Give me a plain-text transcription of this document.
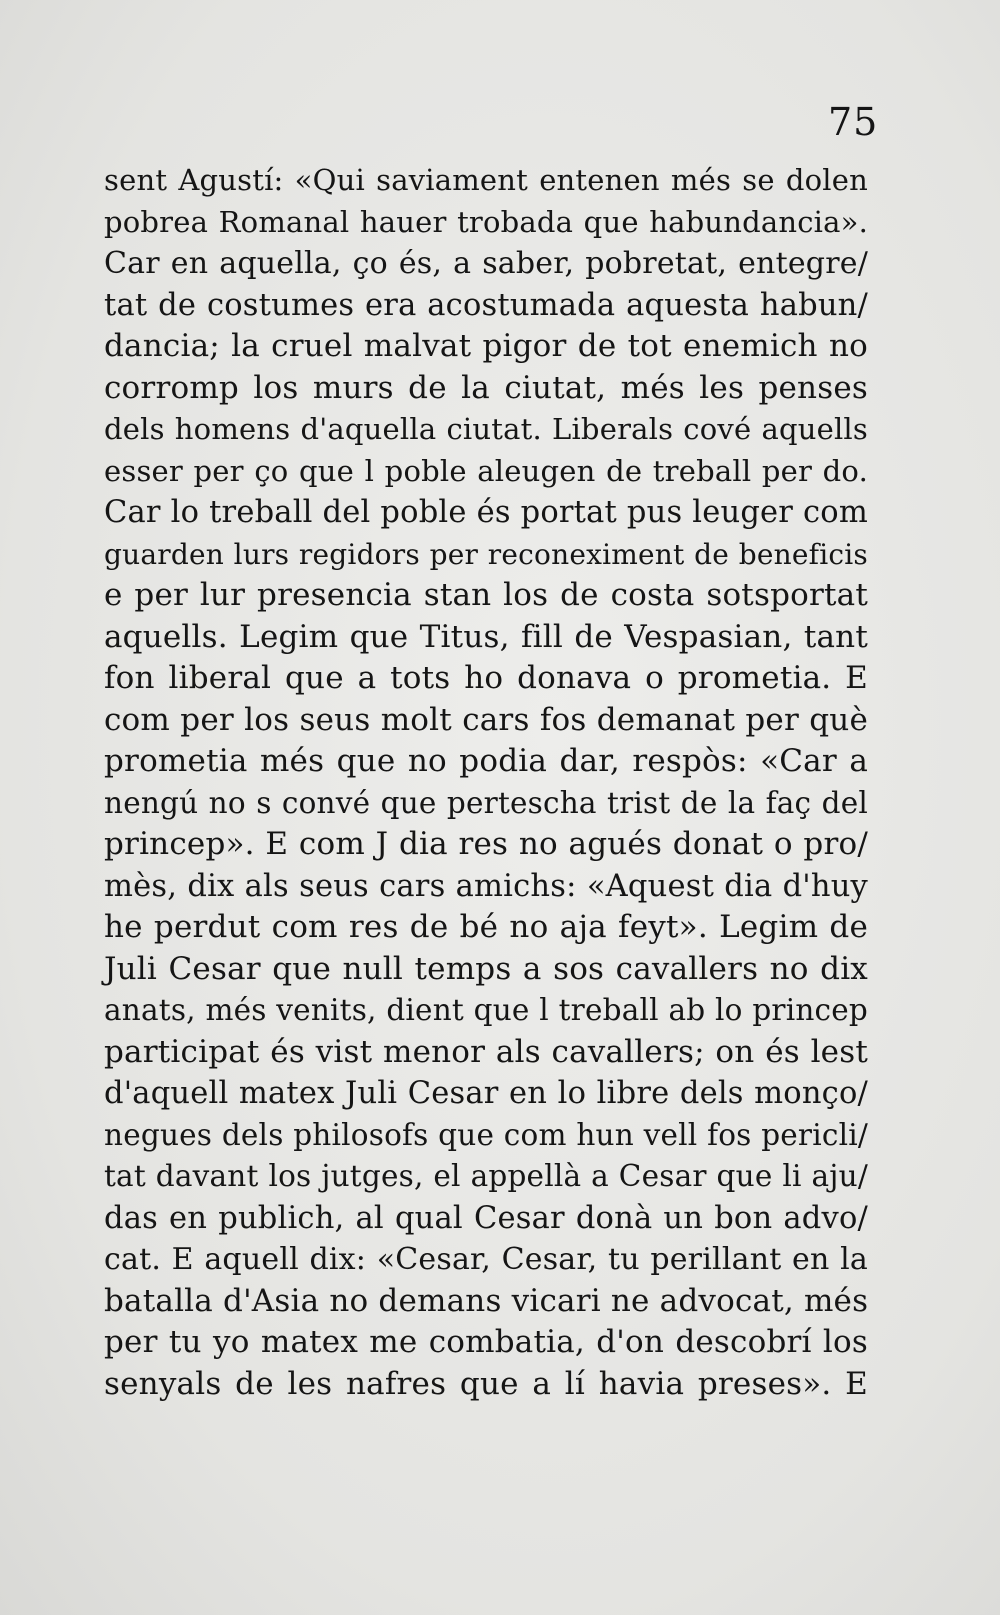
75
sent Agustí: «Qui saviament entenen més se dolen
pobrea Romanal hauer trobada que habundancia».
Car en aquella, ço és, a saber, pobretat, entegre/
tat de costumes era acostumada aquesta habun/
dancia; la cruel malvat pigor de tot enemich no
corromp los murs de la ciutat, més les penses
dels homens d'aquella ciutat. Liberals cové aquells
esser per ço que l poble aleugen de treball per do.
Car lo treball del poble és portat pus leuger com
guarden lurs regidors per reconeximent de beneficis
e per lur presencia stan los de costa sotsportat
aquells. Legim que Titus, fill de Vespasian, tant
fon liberal que a tots ho donava o prometia. E
com per los seus molt cars fos demanat per què
prometia més que no podia dar, respòs: «Car a
nengú no s convé que pertescha trist de la faç del
princep». E com J dia res no agués donat o pro/
mès, dix als seus cars amichs: «Aquest dia d'huy
he perdut com res de bé no aja feyt». Legim de
Juli Cesar que null temps a sos cavallers no dix
anats, més venits, dient que l treball ab lo princep
participat és vist menor als cavallers; on és lest
d'aquell matex Juli Cesar en lo libre dels monço/
negues dels philosofs que com hun vell fos pericli/
tat davant los jutges, el appellà a Cesar que li aju/
das en publich, al qual Cesar donà un bon advo/
cat. E aquell dix: «Cesar, Cesar, tu perillant en la
batalla d'Asia no demans vicari ne advocat, més
per tu yo matex me combatia, d'on descobrí los
senyals de les nafres que a lí havia preses». E
